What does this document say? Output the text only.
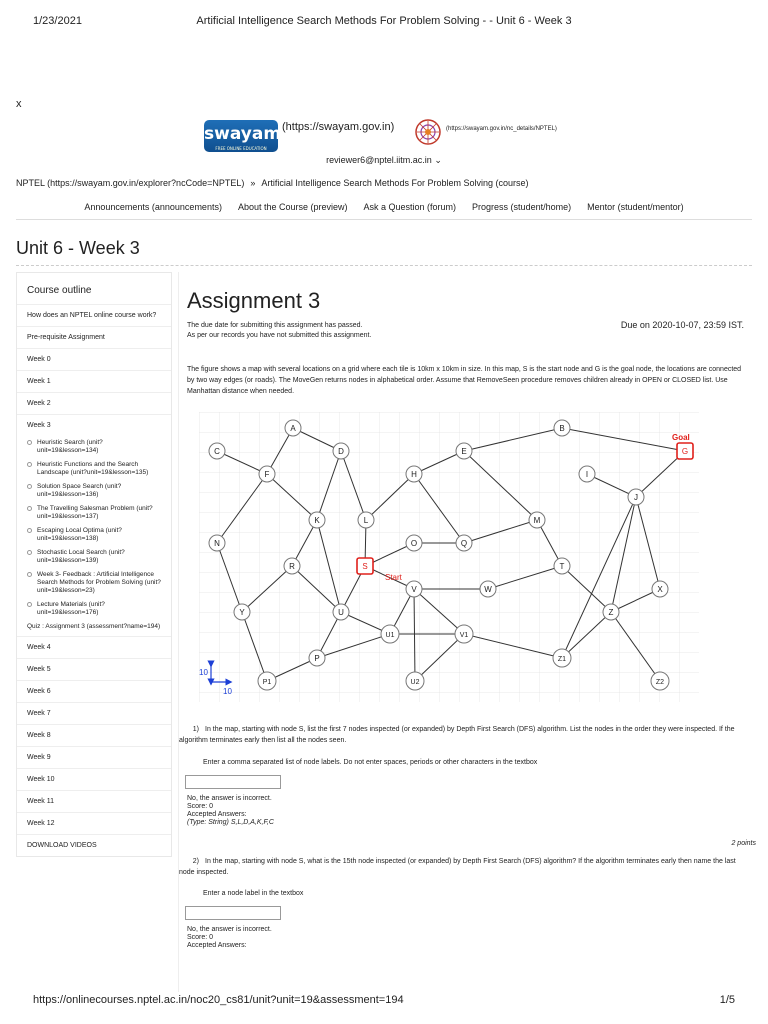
1/23/2021	Artificial Intelligence Search Methods For Problem Solving - - Unit 6 - Week 3
x
swayam
FREE ONLINE EDUCATION
(https://swayam.gov.in)	(https://swayam.gov.in/nc_details/NPTEL)
reviewer6@nptel.iitm.ac.in ⌄
NPTEL (https://swayam.gov.in/explorer?ncCode=NPTEL) » Artificial Intelligence Search Methods For Problem Solving (course)
Announcements (announcements) About the Course (preview) Ask a Question (forum) Progress (student/home) Mentor (student/mentor)
Unit 6 - Week 3
Course outline
How does an NPTEL online course work?
Pre-requisite Assignment
Week 0
Week 1
Week 2
Week 3
Heuristic Search (unit?unit=19&lesson=134)
Heuristic Functions and the Search Landscape (unit?unit=19&lesson=135)
Solution Space Search (unit?unit=19&lesson=136)
The Travelling Salesman Problem (unit?unit=19&lesson=137)
Escaping Local Optima (unit?unit=19&lesson=138)
Stochastic Local Search (unit?unit=19&lesson=139)
Week 3- Feedback : Artificial Intelligence Search Methods for Problem Solving (unit?unit=19&lesson=23)
Lecture Materials (unit?unit=19&lesson=176)
Quiz : Assignment 3 (assessment?name=194)
Week 4
Week 5
Week 6
Week 7
Week 8
Week 9
Week 10
Week 11
Week 12
DOWNLOAD VIDEOS
Assignment 3
The due date for submitting this assignment has passed.
As per our records you have not submitted this assignment.
Due on 2020-10-07, 23:59 IST.
The figure shows a map with several locations on a grid where each tile is 10km x 10km in size. In this map, S is the start node and G is the goal node, the locations are connected by two way edges (or roads). The MoveGen returns nodes in alphabetical order. Assume that RemoveSeen procedure removes children already in OPEN or CLOSED list. Use Manhattan distance when needed.
A	B
C	D	E
F
G
H	I
J
K	L	M
N	O	Q
R	S	T
U
U1
U2
V
V1
W	X
Y	Z
Z1
Z2
P
P1
Start
Goal
10
10
1) In the map, starting with node S, list the first 7 nodes inspected (or expanded) by Depth First Search (DFS) algorithm. List the nodes in the order they were inspected. If the algorithm terminates early then list all the nodes seen.
Enter a comma separated list of node labels. Do not enter spaces, periods or other characters in the textbox
No, the answer is incorrect.
Score: 0
Accepted Answers:
(Type: String) S,L,D,A,K,F,C
2 points
2) In the map, starting with node S, what is the 15th node inspected (or expanded) by Depth First Search (DFS) algorithm? If the algorithm terminates early then name the last node inspected.
Enter a node label in the textbox
No, the answer is incorrect.
Score: 0
Accepted Answers:
https://onlinecourses.nptel.ac.in/noc20_cs81/unit?unit=19&assessment=194	1/5
